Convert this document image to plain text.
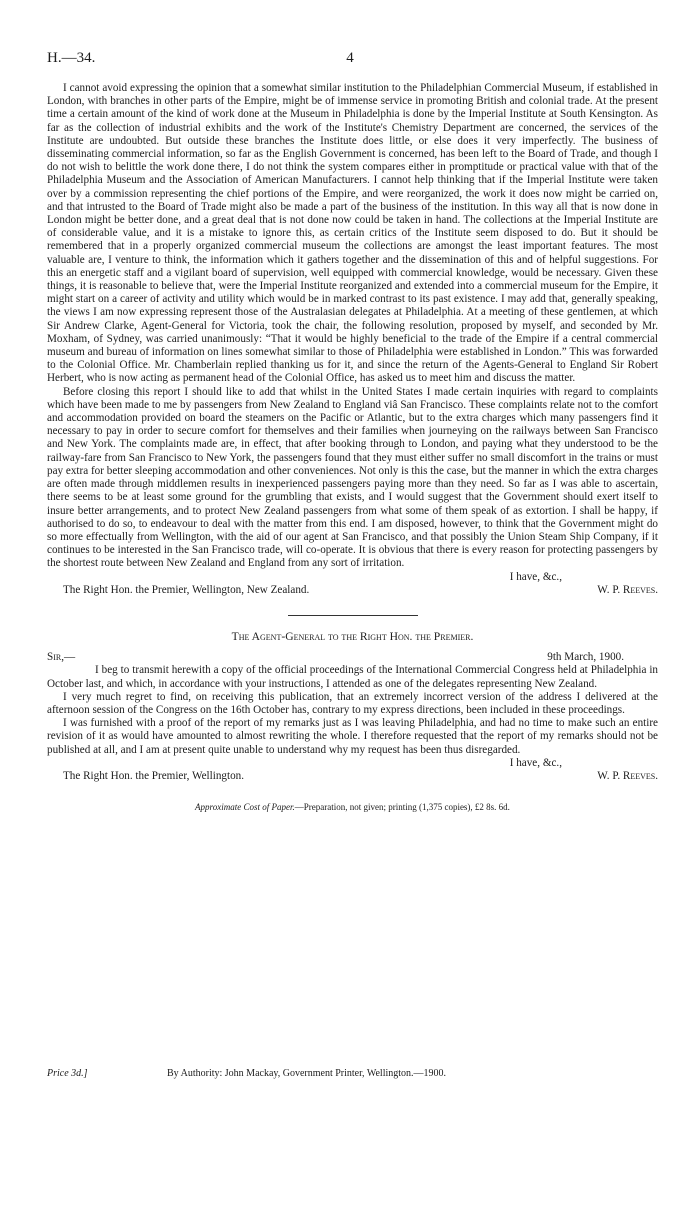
H.—34.	4

I cannot avoid expressing the opinion that a somewhat similar institution to the Philadelphian Commercial Museum, if established in London, with branches in other parts of the Empire, might be of immense service in promoting British and colonial trade. At the present time a certain amount of the kind of work done at the Museum in Philadelphia is done by the Imperial Institute at South Kensington. As far as the collection of industrial exhibits and the work of the Institute's Chemistry Department are concerned, the services of the Institute are undoubted. But outside these branches the Institute does little, or else does it very imperfectly. The business of disseminating commercial information, so far as the English Government is concerned, has been left to the Board of Trade, and though I do not wish to belittle the work done there, I do not think the system compares either in promptitude or practical value with that of the Philadelphia Museum and the Association of American Manufacturers. I cannot help thinking that if the Imperial Institute were taken over by a commission representing the chief portions of the Empire, and were reorganized, the work it does now might be carried on, and that intrusted to the Board of Trade might also be made a part of the business of the institution. In this way all that is now done in London might be better done, and a great deal that is not done now could be taken in hand. The collections at the Imperial Institute are of considerable value, and it is a mistake to ignore this, as certain critics of the Institute seem disposed to do. But it should be remembered that in a properly organized commercial museum the collections are amongst the least important features. The most valuable are, I venture to think, the information which it gathers together and the dissemination of this and of helpful suggestions. For this an energetic staff and a vigilant board of supervision, well equipped with commercial knowledge, would be necessary. Given these things, it is reasonable to believe that, were the Imperial Institute reorganized and extended into a commercial museum for the Empire, it might start on a career of activity and utility which would be in marked contrast to its past existence. I may add that, generally speaking, the views I am now expressing represent those of the Australasian delegates at Philadelphia. At a meeting of these gentlemen, at which Sir Andrew Clarke, Agent-General for Victoria, took the chair, the following resolution, proposed by myself, and seconded by Mr. Moxham, of Sydney, was carried unanimously: “That it would be highly beneficial to the trade of the Empire if a central commercial museum and bureau of information on lines somewhat similar to those of Philadelphia were established in London.” This was forwarded to the Colonial Office. Mr. Chamberlain replied thanking us for it, and since the return of the Agents-General to England Sir Robert Herbert, who is now acting as permanent head of the Colonial Office, has asked us to meet him and discuss the matter.

Before closing this report I should like to add that whilst in the United States I made certain inquiries with regard to complaints which have been made to me by passengers from New Zealand to England viâ San Francisco. These complaints relate not to the comfort and accommodation provided on board the steamers on the Pacific or Atlantic, but to the extra charges which many passengers find it necessary to pay in order to secure comfort for themselves and their families when journeying on the railways between San Francisco and New York. The complaints made are, in effect, that after booking through to London, and paying what they understood to be the railway-fare from San Francisco to New York, the passengers found that they must either suffer no small discomfort in the trains or must pay extra for better sleeping accommodation and other conveniences. Not only is this the case, but the manner in which the extra charges are often made through middlemen results in inexperienced passengers paying more than they need. So far as I was able to ascertain, there seems to be at least some ground for the grumbling that exists, and I would suggest that the Government should exert itself to insure better arrangements, and to protect New Zealand passengers from what some of them speak of as extortion. I shall be happy, if authorised to do so, to endeavour to deal with the matter from this end. I am disposed, however, to think that the Government might do so more effectually from Wellington, with the aid of our agent at San Francisco, and that possibly the Union Steam Ship Company, if it continues to be interested in the San Francisco trade, will co-operate. It is obvious that there is every reason for protecting passengers by the shortest route between New Zealand and England from any sort of irritation.

I have, &c.,
The Right Hon. the Premier, Wellington, New Zealand.	W. P. Reeves.
The Agent-General to the Right Hon. the Premier.
Sir,—	9th March, 1900.

I beg to transmit herewith a copy of the official proceedings of the International Commercial Congress held at Philadelphia in October last, and which, in accordance with your instructions, I attended as one of the delegates representing New Zealand.

I very much regret to find, on receiving this publication, that an extremely incorrect version of the address I delivered at the afternoon session of the Congress on the 16th October has, contrary to my express directions, been included in these proceedings.

I was furnished with a proof of the report of my remarks just as I was leaving Philadelphia, and had no time to make such an entire revision of it as would have amounted to almost rewriting the whole. I therefore requested that the report of my remarks should not be published at all, and I am at present quite unable to understand why my request has been thus disregarded.

I have, &c.,
The Right Hon. the Premier, Wellington.	W. P. Reeves.
Approximate Cost of Paper.—Preparation, not given; printing (1,375 copies), £2 8s. 6d.
Price 3d.]	By Authority: John Mackay, Government Printer, Wellington.—1900.
